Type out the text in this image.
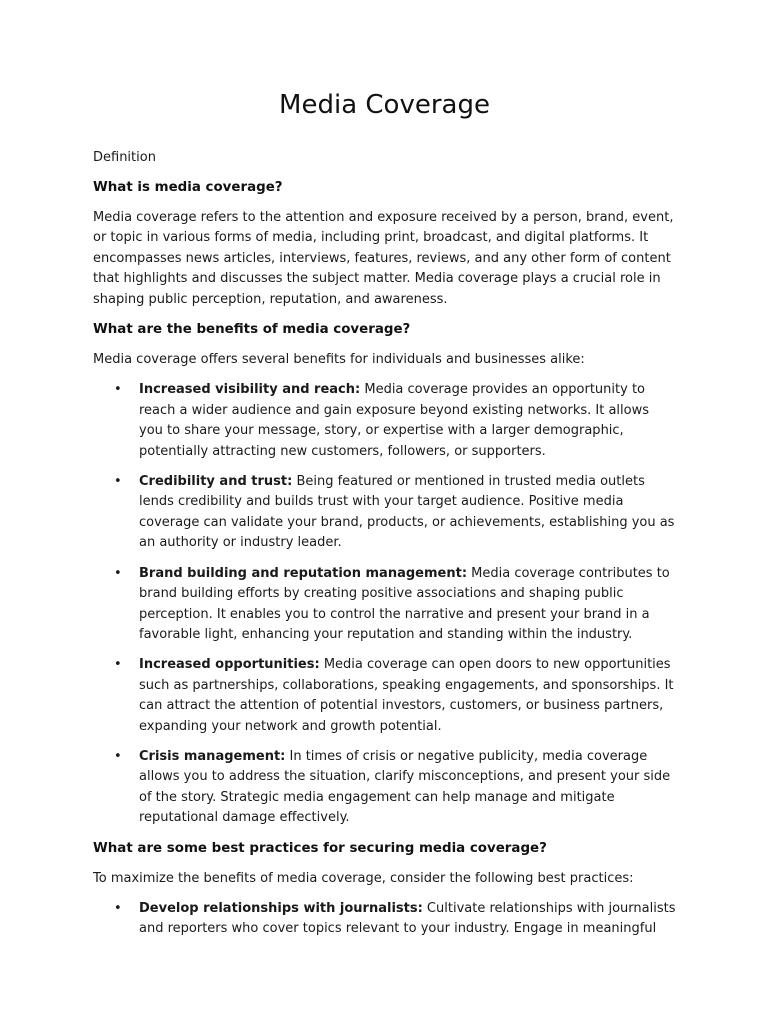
Media Coverage
Definition
What is media coverage?

Media coverage refers to the attention and exposure received by a person, brand, event, or topic in various forms of media, including print, broadcast, and digital platforms. It encompasses news articles, interviews, features, reviews, and any other form of content that highlights and discusses the subject matter. Media coverage plays a crucial role in shaping public perception, reputation, and awareness.

What are the benefits of media coverage?

Media coverage offers several benefits for individuals and businesses alike:

• Increased visibility and reach: Media coverage provides an opportunity to reach a wider audience and gain exposure beyond existing networks. It allows you to share your message, story, or expertise with a larger demographic, potentially attracting new customers, followers, or supporters.
• Credibility and trust: Being featured or mentioned in trusted media outlets lends credibility and builds trust with your target audience. Positive media coverage can validate your brand, products, or achievements, establishing you as an authority or industry leader.
• Brand building and reputation management: Media coverage contributes to brand building efforts by creating positive associations and shaping public perception. It enables you to control the narrative and present your brand in a favorable light, enhancing your reputation and standing within the industry.
• Increased opportunities: Media coverage can open doors to new opportunities such as partnerships, collaborations, speaking engagements, and sponsorships. It can attract the attention of potential investors, customers, or business partners, expanding your network and growth potential.
• Crisis management: In times of crisis or negative publicity, media coverage allows you to address the situation, clarify misconceptions, and present your side of the story. Strategic media engagement can help manage and mitigate reputational damage effectively.
What are some best practices for securing media coverage?

To maximize the benefits of media coverage, consider the following best practices:

• Develop relationships with journalists: Cultivate relationships with journalists and reporters who cover topics relevant to your industry. Engage in meaningful
